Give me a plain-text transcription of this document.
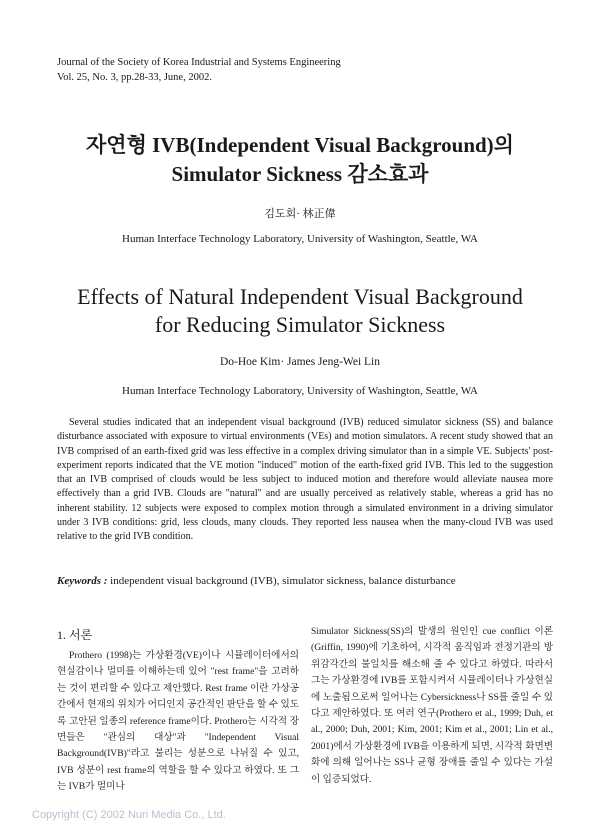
Journal of the Society of Korea Industrial and Systems Engineering
Vol. 25, No. 3, pp.28-33, June, 2002.
자연형 IVB(Independent Visual Background)의
Simulator Sickness 감소효과
김도회· 林正偉
Human Interface Technology Laboratory, University of Washington, Seattle, WA
Effects of Natural Independent Visual Background
for Reducing Simulator Sickness
Do-Hoe Kim· James Jeng-Wei Lin
Human Interface Technology Laboratory, University of Washington, Seattle, WA
Several studies indicated that an independent visual background (IVB) reduced simulator sickness (SS) and balance disturbance associated with exposure to virtual environments (VEs) and motion simulators. A recent study showed that an IVB comprised of an earth-fixed grid was less effective in a complex driving simulator than in a simple VE. Subjects' post-experiment reports indicated that the VE motion "induced" motion of the earth-fixed grid IVB. This led to the suggestion that an IVB comprised of clouds would be less subject to induced motion and therefore would alleviate nausea more effectively than a grid IVB. Clouds are "natural" and are usually perceived as relatively stable, whereas a grid has no inherent stability. 12 subjects were exposed to complex motion through a simulated environment in a driving simulator under 3 IVB conditions: grid, less clouds, many clouds. They reported less nausea when the many-cloud IVB was used relative to the grid IVB condition.
Keywords : independent visual background (IVB), simulator sickness, balance disturbance
1. 서론
Prothero (1998)는 가상환경(VE)이나 시뮬레이터에서의 현실감이나 멀미를 이해하는데 있어 "rest frame"을 고려하는 것이 편리할 수 있다고 제안했다. Rest frame 이란 가상공간에서 현재의 위치가 어디인지 공간적인 판단을 할 수 있도록 고안된 일종의 reference frame이다. Prothero는 시각적 장면들은 "관심의 대상"과 "Independent Visual Background(IVB)"라고 불리는 성분으로 나뉘질 수 있고, IVB 성분이 rest frame의 역할을 할 수 있다고 하였다. 또 그는 IVB가 멀미나
Simulator Sickness(SS)의 발생의 원인인 cue conflict 이론(Griffin, 1990)에 기초하여, 시각적 움직임과 전정기관의 방위감각간의 불일치를 해소해 줄 수 있다고 하였다. 따라서 그는 가상환경에 IVB를 포함시켜서 시뮬레이터나 가상현실에 노출됨으로써 일어나는 Cybersickness나 SS를 줄일 수 있다고 제안하였다. 또 여러 연구(Prothero et al., 1999; Duh, et al., 2000; Duh, 2001; Kim, 2001; Kim et al., 2001; Lin et al., 2001)에서 가상환경에 IVB을 이용하게 되면, 시각적 화면변화에 의해 일어나는 SS나 균형 장애를 줄일 수 있다는 가설이 입증되었다.
Copyright (C) 2002 Nuri Media Co., Ltd.
